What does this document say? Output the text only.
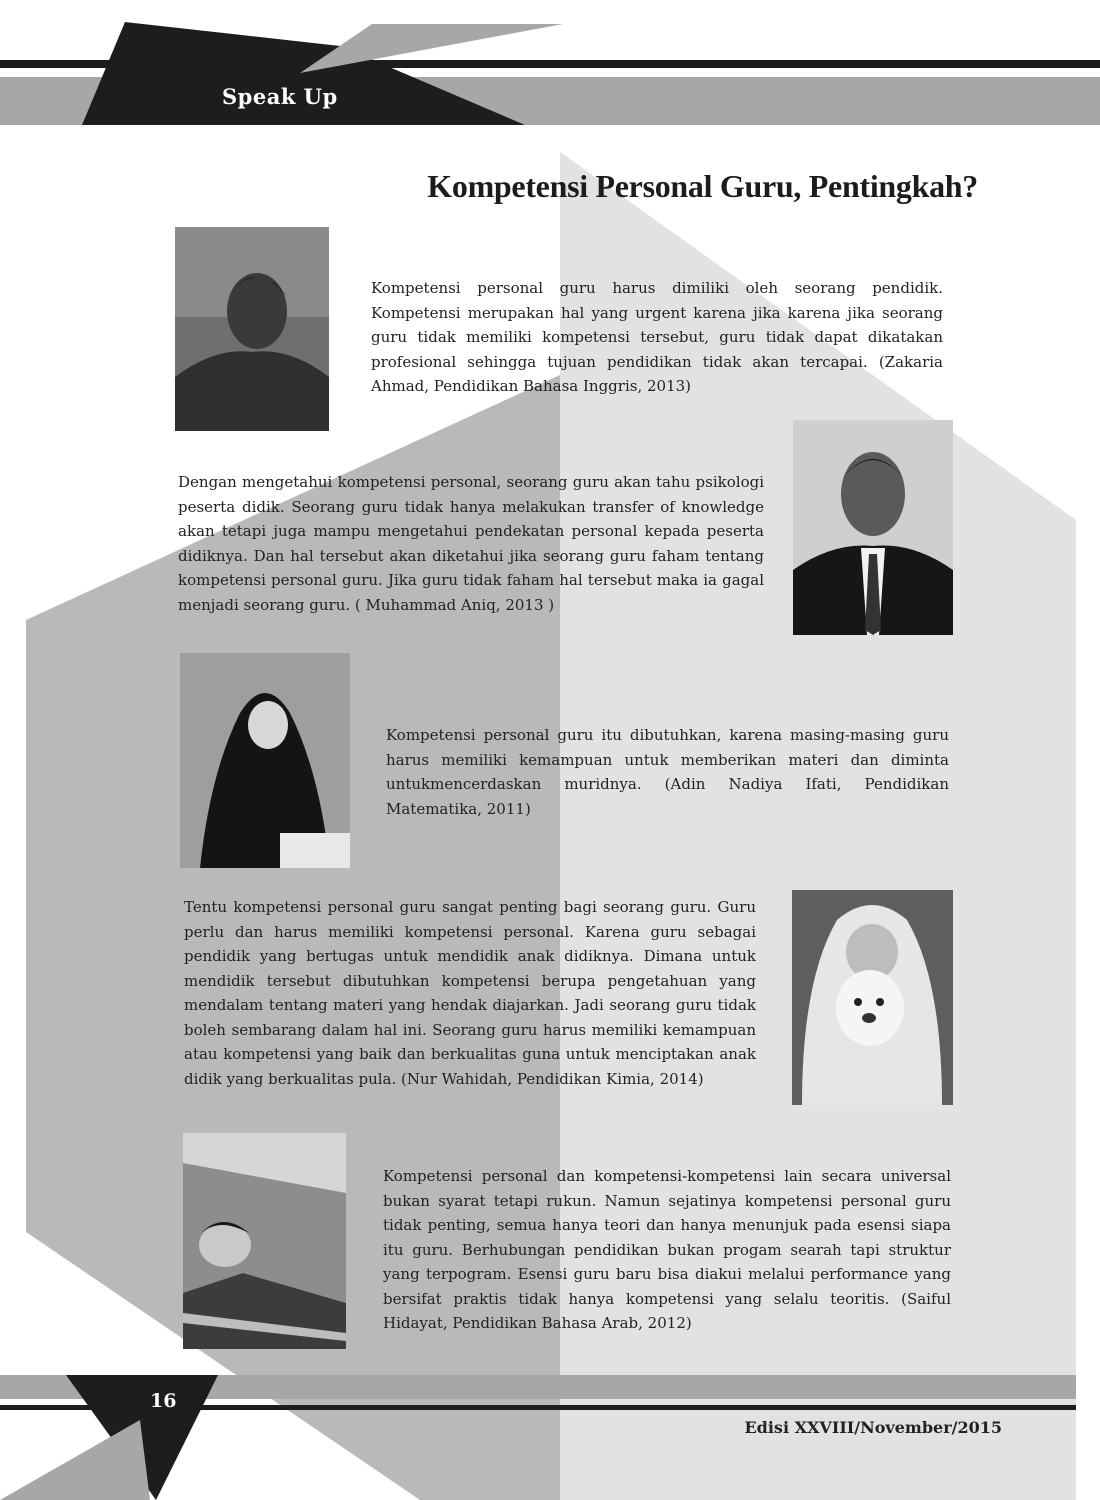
Speak Up
Kompetensi Personal Guru, Pentingkah?

Kompetensi personal guru harus dimiliki oleh seorang pendidik. Kompetensi merupakan hal yang urgent karena jika karena jika seorang guru tidak memiliki kompetensi tersebut, guru tidak dapat dikatakan profesional sehingga tujuan pendidikan tidak akan tercapai. (Zakaria Ahmad, Pendidikan Bahasa Inggris, 2013)

Dengan mengetahui kompetensi personal, seorang guru akan tahu psikologi peserta didik. Seorang guru tidak hanya melakukan transfer of knowledge akan tetapi juga mampu mengetahui pendekatan personal kepada peserta didiknya. Dan hal tersebut akan diketahui jika seorang guru faham tentang kompetensi personal guru. Jika guru tidak faham hal tersebut maka ia gagal menjadi seorang guru. ( Muhammad Aniq, 2013 )

Kompetensi personal guru itu dibutuhkan, karena masing-masing guru harus memiliki kemampuan untuk memberikan materi dan diminta untukmencerdaskan muridnya. (Adin Nadiya Ifati, Pendidikan Matematika, 2011)

Tentu kompetensi personal guru sangat penting bagi seorang guru. Guru perlu dan harus memiliki kompetensi personal. Karena guru sebagai pendidik yang bertugas untuk mendidik anak didiknya. Dimana untuk mendidik tersebut dibutuhkan kompetensi berupa pengetahuan yang mendalam tentang materi yang hendak diajarkan. Jadi seorang guru tidak boleh sembarang dalam hal ini. Seorang guru harus memiliki kemampuan atau kompetensi yang baik dan berkualitas guna untuk menciptakan anak didik yang berkualitas pula. (Nur Wahidah, Pendidikan Kimia, 2014)

Kompetensi personal dan kompetensi-kompetensi lain secara universal bukan syarat tetapi rukun. Namun sejatinya kompetensi personal guru tidak penting, semua hanya teori dan hanya menunjuk pada esensi siapa itu guru. Berhubungan pendidikan bukan progam searah tapi struktur yang terpogram. Esensi guru baru bisa diakui melalui performance yang bersifat praktis tidak hanya kompetensi yang selalu teoritis. (Saiful Hidayat, Pendidikan Bahasa Arab, 2012)

16
Edisi XXVIII/November/2015
